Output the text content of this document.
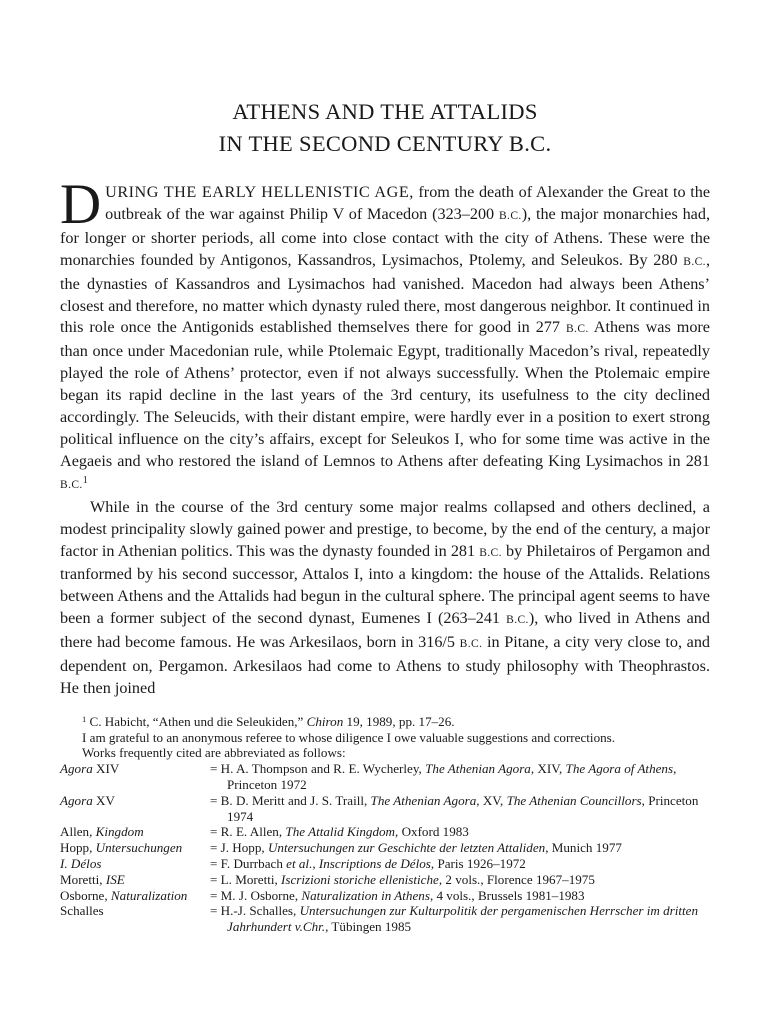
ATHENS AND THE ATTALIDS
IN THE SECOND CENTURY B.C.

DURING THE EARLY HELLENISTIC AGE, from the death of Alexander the Great to the outbreak of the war against Philip V of Macedon (323–200 B.C.), the major monarchies had, for longer or shorter periods, all come into close contact with the city of Athens. These were the monarchies founded by Antigonos, Kassandros, Lysimachos, Ptolemy, and Seleukos. By 280 B.C., the dynasties of Kassandros and Lysimachos had vanished. Macedon had always been Athens’ closest and therefore, no matter which dynasty ruled there, most dangerous neighbor. It continued in this role once the Antigonids established themselves there for good in 277 B.C. Athens was more than once under Macedonian rule, while Ptolemaic Egypt, traditionally Macedon’s rival, repeatedly played the role of Athens’ protector, even if not always successfully. When the Ptolemaic empire began its rapid decline in the last years of the 3rd century, its usefulness to the city declined accordingly. The Seleucids, with their distant empire, were hardly ever in a position to exert strong political influence on the city’s affairs, except for Seleukos I, who for some time was active in the Aegaeis and who restored the island of Lemnos to Athens after defeating King Lysimachos in 281 B.C.$^1$

While in the course of the 3rd century some major realms collapsed and others declined, a modest principality slowly gained power and prestige, to become, by the end of the century, a major factor in Athenian politics. This was the dynasty founded in 281 B.C. by Philetairos of Pergamon and tranformed by his second successor, Attalos I, into a kingdom: the house of the Attalids. Relations between Athens and the Attalids had begun in the cultural sphere. The principal agent seems to have been a former subject of the second dynast, Eumenes I (263–241 B.C.), who lived in Athens and there had become famous. He was Arkesilaos, born in 316/5 B.C. in Pitane, a city very close to, and dependent on, Pergamon. Arkesilaos had come to Athens to study philosophy with Theophrastos. He then joined

$^1$ C. Habicht, “Athen und die Seleukiden,” Chiron 19, 1989, pp. 17–26.
I am grateful to an anonymous referee to whose diligence I owe valuable suggestions and corrections.
Works frequently cited are abbreviated as follows:
Agora XIV	= H. A. Thompson and R. E. Wycherley, The Athenian Agora, XIV, The Agora of Athens, Princeton 1972
Agora XV	= B. D. Meritt and J. S. Traill, The Athenian Agora, XV, The Athenian Councillors, Princeton 1974
Allen, Kingdom	= R. E. Allen, The Attalid Kingdom, Oxford 1983
Hopp, Untersuchungen	= J. Hopp, Untersuchungen zur Geschichte der letzten Attaliden, Munich 1977
I. Délos	= F. Durrbach et al., Inscriptions de Délos, Paris 1926–1972
Moretti, ISE	= L. Moretti, Iscrizioni storiche ellenistiche, 2 vols., Florence 1967–1975
Osborne, Naturalization	= M. J. Osborne, Naturalization in Athens, 4 vols., Brussels 1981–1983
Schalles	= H.-J. Schalles, Untersuchungen zur Kulturpolitik der pergamenischen Herrscher im dritten Jahrhundert v.Chr., Tübingen 1985
